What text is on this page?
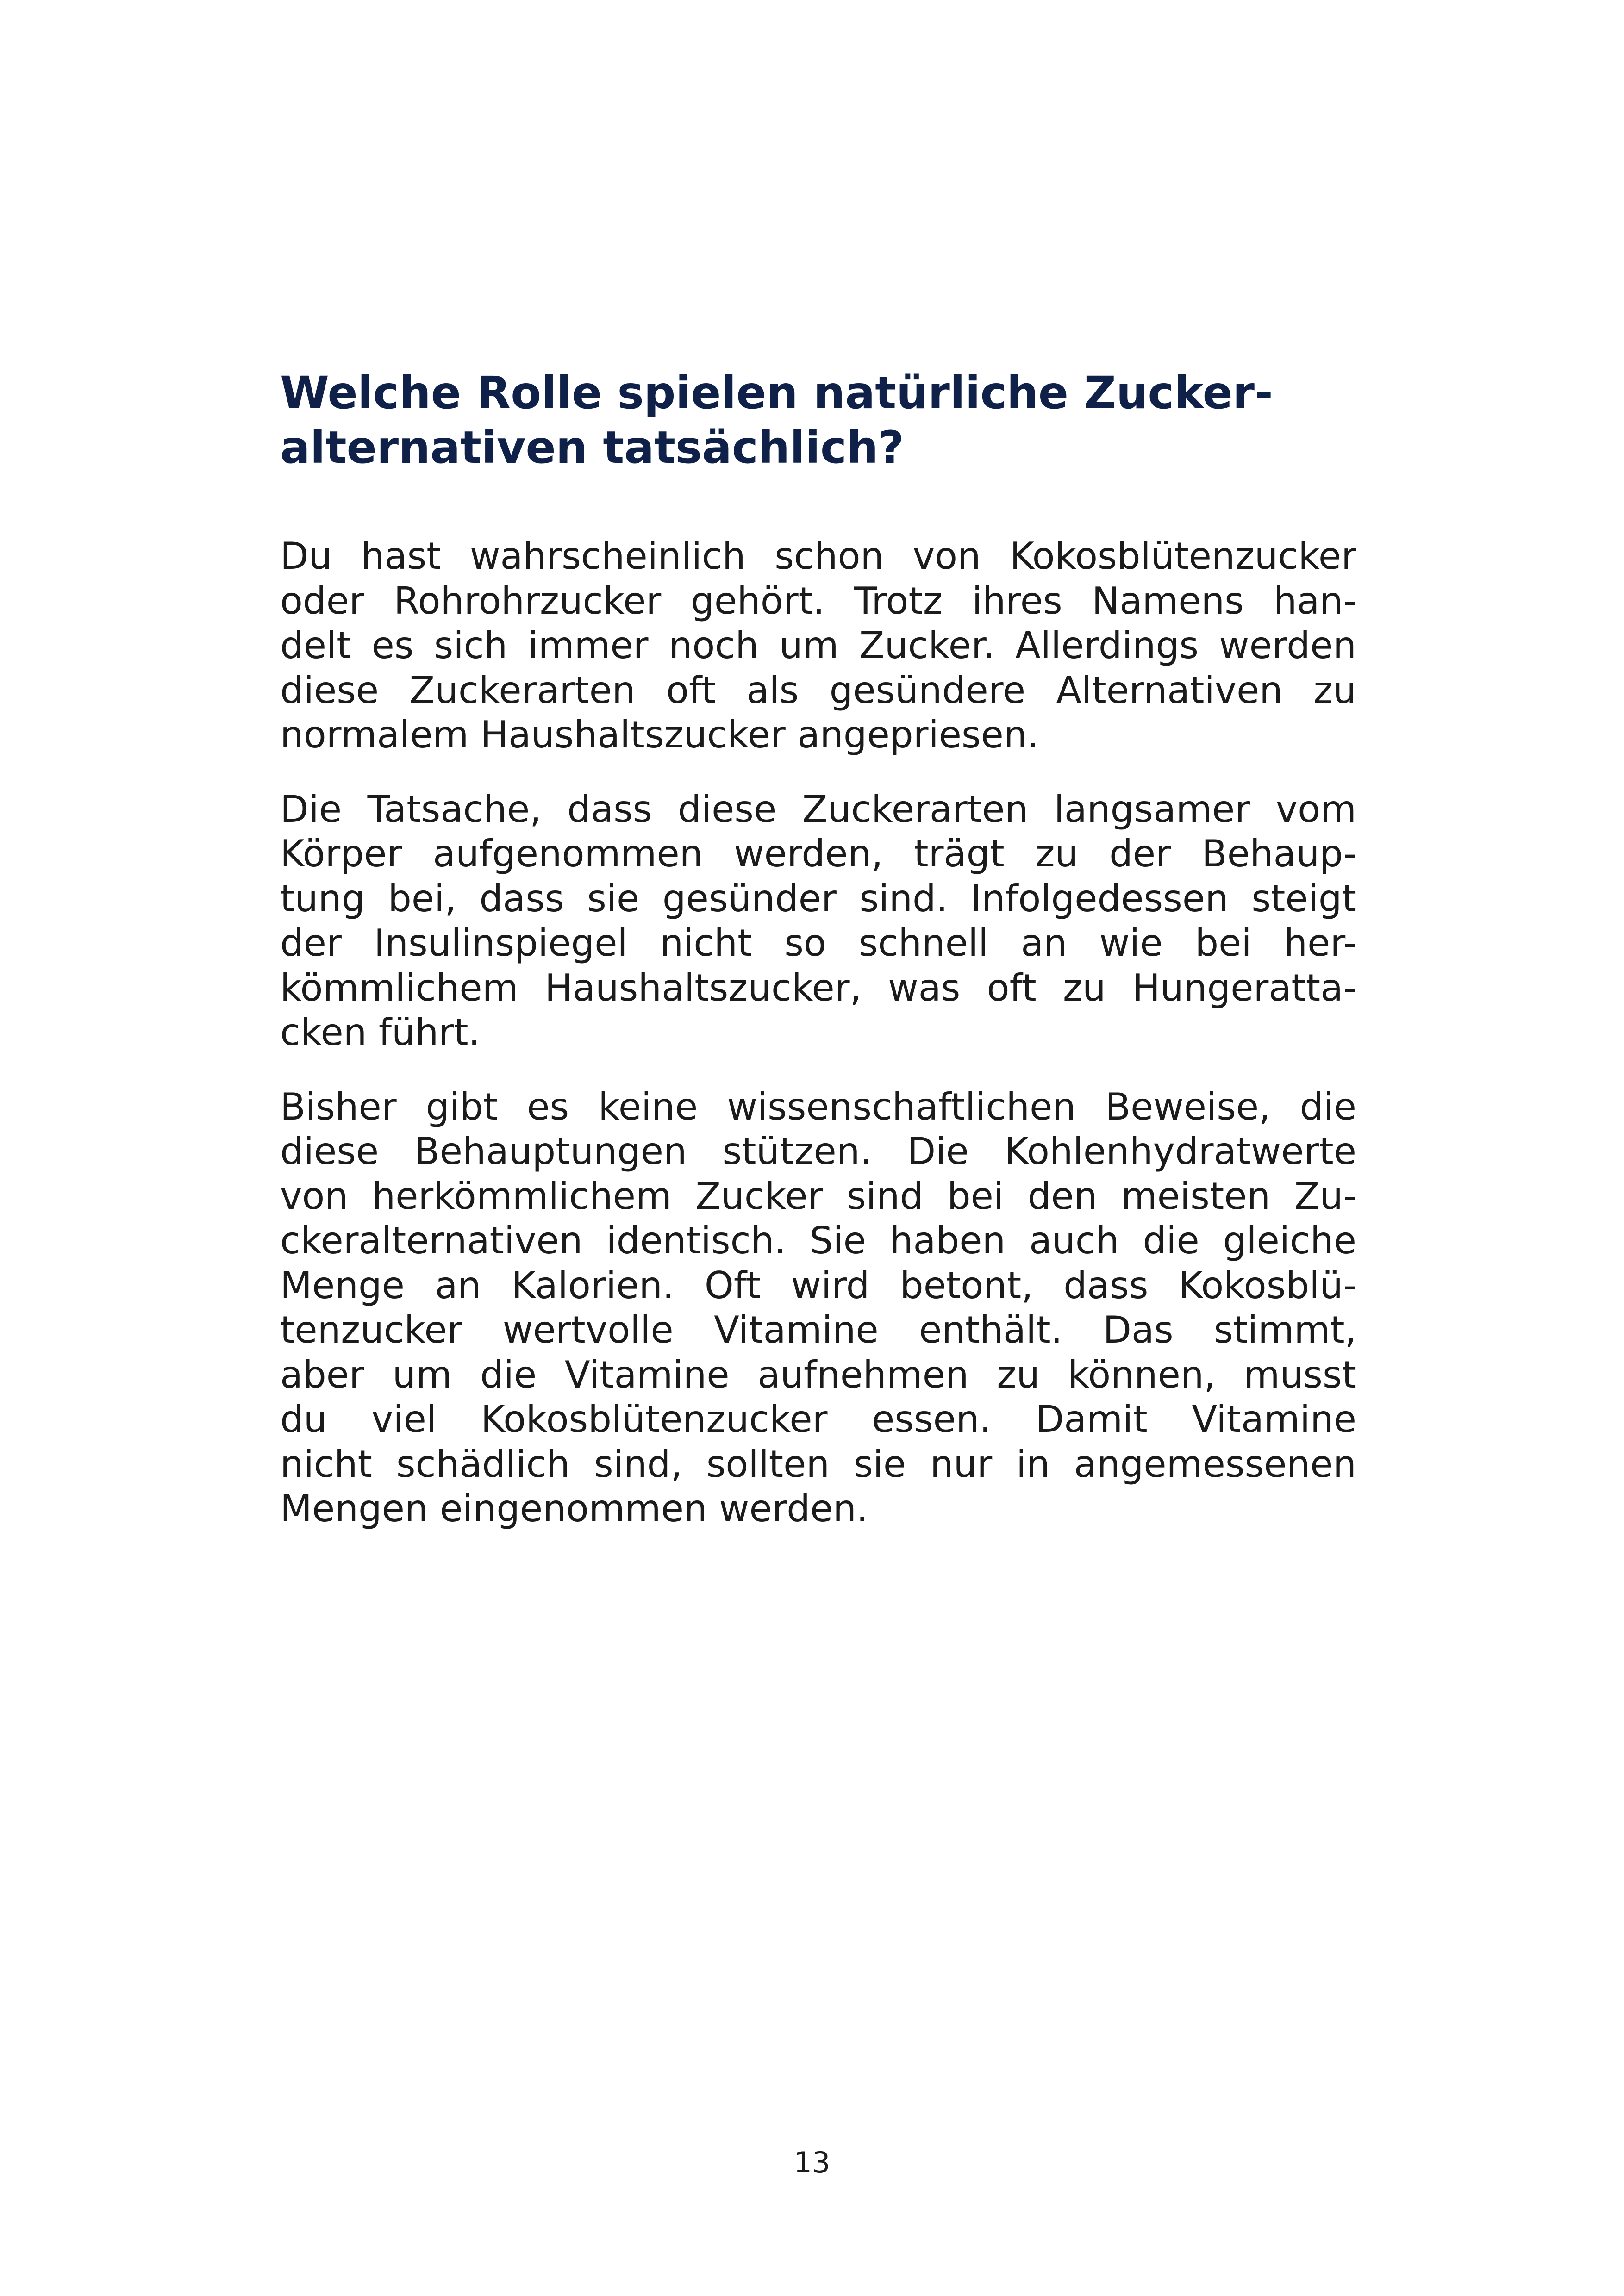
Welche Rolle spielen natürliche Zucker-
alternativen tatsächlich?

Du hast wahrscheinlich schon von Kokosblütenzucker
oder Rohrohrzucker gehört. Trotz ihres Namens han-
delt es sich immer noch um Zucker. Allerdings werden
diese Zuckerarten oft als gesündere Alternativen zu
normalem Haushaltszucker angepriesen.

Die Tatsache, dass diese Zuckerarten langsamer vom
Körper aufgenommen werden, trägt zu der Behaup-
tung bei, dass sie gesünder sind. Infolgedessen steigt
der Insulinspiegel nicht so schnell an wie bei her-
kömmlichem Haushaltszucker, was oft zu Hungeratta-
cken führt.

Bisher gibt es keine wissenschaftlichen Beweise, die
diese Behauptungen stützen. Die Kohlenhydratwerte
von herkömmlichem Zucker sind bei den meisten Zu-
ckeralternativen identisch. Sie haben auch die gleiche
Menge an Kalorien. Oft wird betont, dass Kokosblü-
tenzucker wertvolle Vitamine enthält. Das stimmt,
aber um die Vitamine aufnehmen zu können, musst
du viel Kokosblütenzucker essen. Damit Vitamine
nicht schädlich sind, sollten sie nur in angemessenen
Mengen eingenommen werden.

13
